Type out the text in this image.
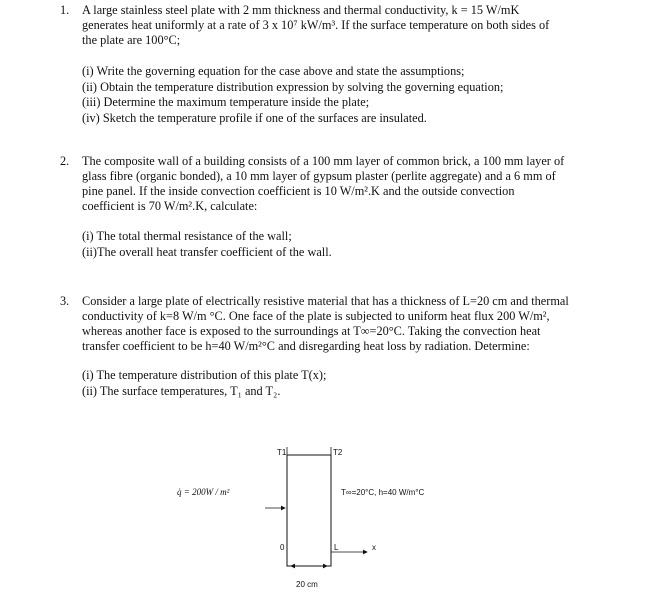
1. A large stainless steel plate with 2 mm thickness and thermal conductivity, k = 15 W/mK
generates heat uniformly at a rate of 3 x 10⁷ kW/m³. If the surface temperature on both sides of
the plate are 100°C;
(i) Write the governing equation for the case above and state the assumptions;
(ii) Obtain the temperature distribution expression by solving the governing equation;
(iii) Determine the maximum temperature inside the plate;
(iv) Sketch the temperature profile if one of the surfaces are insulated.
2. The composite wall of a building consists of a 100 mm layer of common brick, a 100 mm layer of
glass fibre (organic bonded), a 10 mm layer of gypsum plaster (perlite aggregate) and a 6 mm of
pine panel. If the inside convection coefficient is 10 W/m².K and the outside convection
coefficient is 70 W/m².K, calculate:
(i) The total thermal resistance of the wall;
(ii)The overall heat transfer coefficient of the wall.
3. Consider a large plate of electrically resistive material that has a thickness of L=20 cm and thermal
conductivity of k=8 W/m °C. One face of the plate is subjected to uniform heat flux 200 W/m²,
whereas another face is exposed to the surroundings at T∞=20°C. Taking the convection heat
transfer coefficient to be h=40 W/m²°C and disregarding heat loss by radiation. Determine:
(i) The temperature distribution of this plate T(x);
(ii) The surface temperatures, T₁ and T₂.
T1	T2
q̇ = 200W / m²	T∞=20°C, h=40 W/m°C
0	L	x
20 cm
